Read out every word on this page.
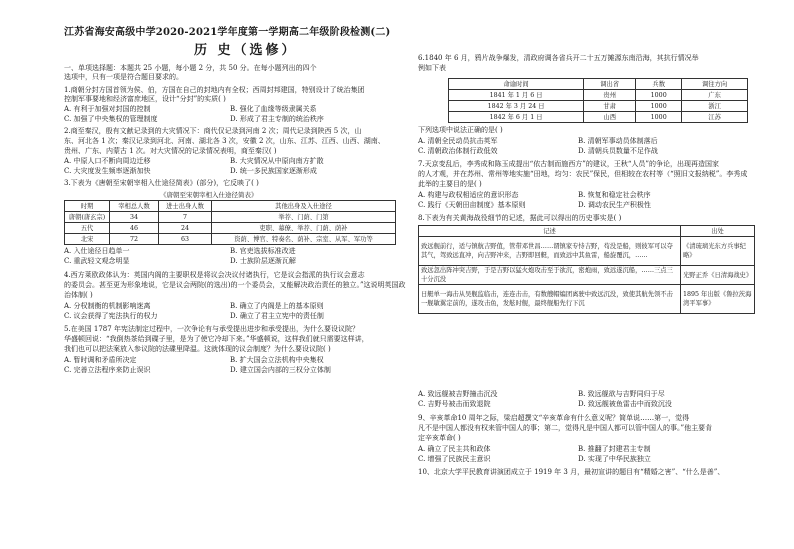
江苏省海安高级中学2020-2021学年度第一学期高二年级阶段检测(二)
历 史（选修）
一、单项选择题：本题共 25 小题，每小题 2 分，共 50 分。在每小题列出的四个
选项中，只有一项是符合题目要求的。
1.商朝分封方国首领为侯、伯，方国在自己的封地内有全权；西周封邦建国，特别设计了统治集团
控制军事要地和经济富庶地区，设计“分封”的实质( )
A. 有利于加强对封国的控制	B. 强化了血缘等级隶属关系
C. 加强了中央集权的管理制度	D. 形成了君主专制的统治秩序
2.商至秦汉，殷有文献记录到的大灾情况下：商代仅记录到河南 2 次；周代记录到陕西 5 次，山
东、河北各 1 次；秦汉记录到河北、河南、湖北各 3 次，安徽 2 次，山东、江苏、江西、山西、湖南、
贵州、广东、内蒙古 1 次。对大灾情况的记录情况表明，商至秦汉( )
A. 中原人口不断向周边迁移	B. 大灾情况从中原向南方扩散
C. 大灾度发生频率逐渐加快	D. 统一多民族国家逐渐形成
3.下表为《唐朝至宋朝宰相入仕途径简表》(部分)，它反映了( )
《唐朝至宋朝宰相入仕途径简表》
时期	宰相总人数	进士出身人数	其他出身及入仕途径
唐朝(唐玄宗)	34	7	举荐、门荫、门第
五代	46	24	吏职、幕僚、举荐、门荫、荫补
北宋	72	63	资荫、博官、特奏名、荫补、宗室、从军、军功等
A. 入仕途径日趋单一	B. 官吏选拔标准改进
C. 重武轻文观念明显	D. 士族阶层逐渐瓦解
4.西方莱欧政体认为：英国内阁的主要职权是将议会决议付诸执行，它是议会指派的执行议会意志
的委员会。甚至更为形象地说，它是议会两院(的选出)的一个委员会，又能解决政治责任的独立。”这说明英国政
治体制( )
A. 分权制衡的机制影响迷离	B. 确立了内阁是上的基本原则
C. 议会获得了宪法执行的权力	D. 确立了君主立宪中的责任制
5.在美国 1787 年宪法制定过程中，一次争论有与承受提出进步和承受提出，为什么要设议院？
华盛顿回说：“我倒热茶给到碟子里，是为了使它冷却下来。”华盛顿说，这样我们就只需要这样讲，
我们也可以把法案放入参议院的法碟里降温。这就体现的议会制度？为什么要设议院( )
A. 暂时调和矛盾所决定	B. 扩大国会立法机构中央集权
C. 完善立法程序来防止误识	D. 建立国会内部的三权分立体制
6.1840 年 6 月，鸦片战争爆发，清政府调各省兵开二十五万摊源东南沿海，其抗行情况举
例如下表
命谕时间	调出省	兵数	调往方向
1841 年 1 月 6 日	贵州	1000	广东
1842 年 3 月 24 日	甘肃	1000	浙江
1842 年 6 月 1 日	山西	1000	江苏
下列选项中说法正确的是( )
A. 清朝全民动员抗击英军	B. 清朝军事动员体制落后
C. 清朝政治体制行政低效	D. 清朝兵员数量不足作战
7.天京变乱后，李秀成和陈玉成提出“依古制而施西方”的建议，王秋“人员”的争论，出现再造国家
的人才观，并在苏州、常州等地实施“田地，均匀：农民”保民，但相较在农村等（“照旧文报纳税”。李秀成
此举的主要目的是( )
A. 构建与政权相适应的意识形态	B. 恢复和稳定社会秩序
C. 践行《天朝田亩制度》基本原则	D. 调动农民生产积极性
8.下表为有关黄海战役细节的记述，据此可以得出的历史事实是( )
记述	出处
致远舰前行，适与镇航吉野值，管带邓世昌……谓镇家专恃吉野，苟没是船，则彼军可以夺其气，驾致远直冲，向吉野冲来，吉野即回艇，而致远中其鱼雷，船旋覆沉，……	《清琉璃光东方兵事纪略》
致远忽出阵冲突吉野，于是吉野以猛火炮攻击至于欲沉，密炮雨，致远遂沉船，……三点三十分沉没	光野正乔《日清海战史》
日艇单一海击从吴舰监临击，连连击击，有数艘帽编团离驶中致远沉没，致使其航先领不击一舰敏翼定前的，遂攻击鱼，发舷时舰，最终舰船先行下沉	1895 年出版《鲁拉茨海湾平军事》
A. 致远舰被吉野撞击沉没	B. 致远舰欲与吉野同归于尽
C. 吉野号被击而致退院	D. 致远舰被鱼雷击中而致沉没
9、辛亥革命10 周年之际，梁启超撰文“辛亥革命有什么意义呢？简单说……第一，觉得
凡不是中国人都没有权来管中国人的事；第二，觉得凡是中国人都可以管中国人的事。”他主要肯
定辛亥革命( )
A. 确立了民主共和政体	B. 推翻了封建君主专制
C. 增强了民族民主意识	D. 实现了中华民族独立
10、北京大学平民教育讲演团成立于 1919 年 3 月，最初宣讲的题目有“精婚之害”、“什么是善”、
